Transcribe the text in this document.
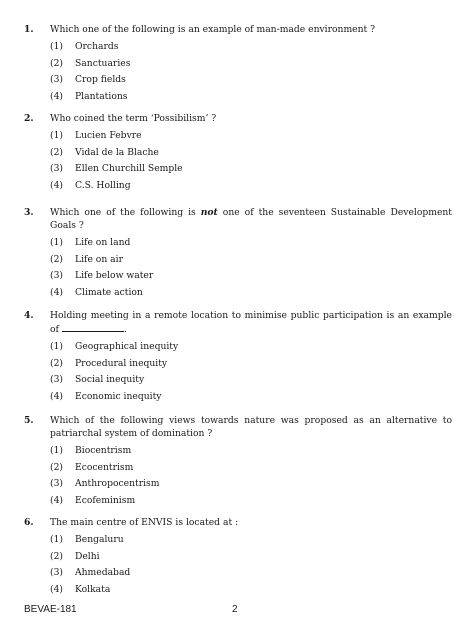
1.	Which one of the following is an example of man-made environment ?
(1)	Orchards
(2)	Sanctuaries
(3)	Crop fields
(4)	Plantations
2.	Who coined the term ‘Possibilism’ ?
(1)	Lucien Febvre
(2)	Vidal de la Blache
(3)	Ellen Churchill Semple
(4)	C.S. Holling
3.	Which one of the following is not one of the seventeen Sustainable Development Goals ?
(1)	Life on land
(2)	Life on air
(3)	Life below water
(4)	Climate action
4.	Holding meeting in a remote location to minimise public participation is an example of	.
(1)	Geographical inequity
(2)	Procedural inequity
(3)	Social inequity
(4)	Economic inequity
5.	Which of the following views towards nature was proposed as an alternative to patriarchal system of domination ?
(1)	Biocentrism
(2)	Ecocentrism
(3)	Anthropocentrism
(4)	Ecofeminism
6.	The main centre of ENVIS is located at :
(1)	Bengaluru
(2)	Delhi
(3)	Ahmedabad
(4)	Kolkata
BEVAE-181	2
